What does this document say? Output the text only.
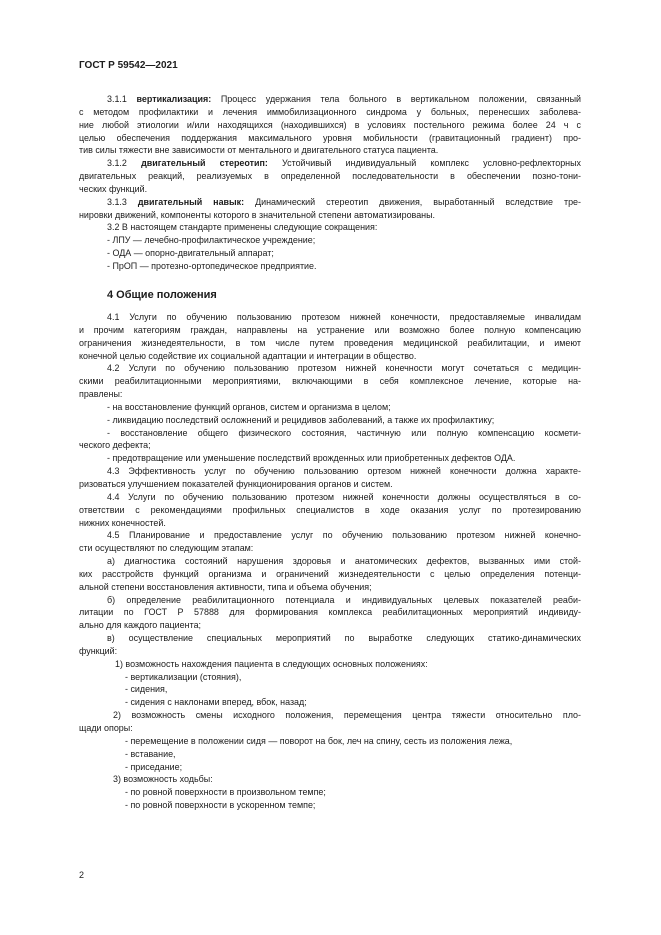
ГОСТ Р 59542—2021

3.1.1 вертикализация: Процесс удержания тела больного в вертикальном положении, связанный

с методом профилактики и лечения иммобилизационного синдрома у больных, перенесших заболева-

ние любой этиологии и/или находящихся (находившихся) в условиях постельного режима более 24 ч с

целью обеспечения поддержания максимального уровня мобильности (гравитационный градиент) про-

тив силы тяжести вне зависимости от ментального и двигательного статуса пациента.

3.1.2 двигательный стереотип: Устойчивый индивидуальный комплекс условно-рефлекторных

двигательных реакций, реализуемых в определенной последовательности в обеспечении позно-тони-

ческих функций.

3.1.3 двигательный навык: Динамический стереотип движения, выработанный вследствие тре-

нировки движений, компоненты которого в значительной степени автоматизированы.

3.2 В настоящем стандарте применены следующие сокращения:

- ЛПУ — лечебно-профилактическое учреждение;

- ОДА — опорно-двигательный аппарат;

- ПрОП — протезно-ортопедическое предприятие.

4 Общие положения

4.1 Услуги по обучению пользованию протезом нижней конечности, предоставляемые инвалидам

и прочим категориям граждан, направлены на устранение или возможно более полную компенсацию

ограничения жизнедеятельности, в том числе путем проведения медицинской реабилитации, и имеют

конечной целью содействие их социальной адаптации и интеграции в общество.

4.2 Услуги по обучению пользованию протезом нижней конечности могут сочетаться с медицин-

скими реабилитационными мероприятиями, включающими в себя комплексное лечение, которые на-

правлены:

- на восстановление функций органов, систем и организма в целом;

- ликвидацию последствий осложнений и рецидивов заболеваний, а также их профилактику;

- восстановление общего физического состояния, частичную или полную компенсацию космети-

ческого дефекта;

- предотвращение или уменьшение последствий врожденных или приобретенных дефектов ОДА.

4.3 Эффективность услуг по обучению пользованию ортезом нижней конечности должна характе-

ризоваться улучшением показателей функционирования органов и систем.

4.4 Услуги по обучению пользованию протезом нижней конечности должны осуществляться в со-

ответствии с рекомендациями профильных специалистов в ходе оказания услуг по протезированию

нижних конечностей.

4.5 Планирование и предоставление услуг по обучению пользованию протезом нижней конечно-

сти осуществляют по следующим этапам:

а) диагностика состояний нарушения здоровья и анатомических дефектов, вызванных ими стой-

ких расстройств функций организма и ограничений жизнедеятельности с целью определения потенци-

альной степени восстановления активности, типа и объема обучения;

б) определение реабилитационного потенциала и индивидуальных целевых показателей реаби-

литации по ГОСТ Р 57888 для формирования комплекса реабилитационных мероприятий индивиду-

ально для каждого пациента;

в) осуществление специальных мероприятий по выработке следующих статико-динамических

функций:

1) возможность нахождения пациента в следующих основных положениях:

- вертикализации (стояния),

- сидения,

- сидения с наклонами вперед, вбок, назад;

2) возможность смены исходного положения, перемещения центра тяжести относительно пло-

щади опоры:

- перемещение в положении сидя — поворот на бок, леч на спину, сесть из положения лежа,

- вставание,

- приседание;

3) возможность ходьбы:

- по ровной поверхности в произвольном темпе;

- по ровной поверхности в ускоренном темпе;

2
